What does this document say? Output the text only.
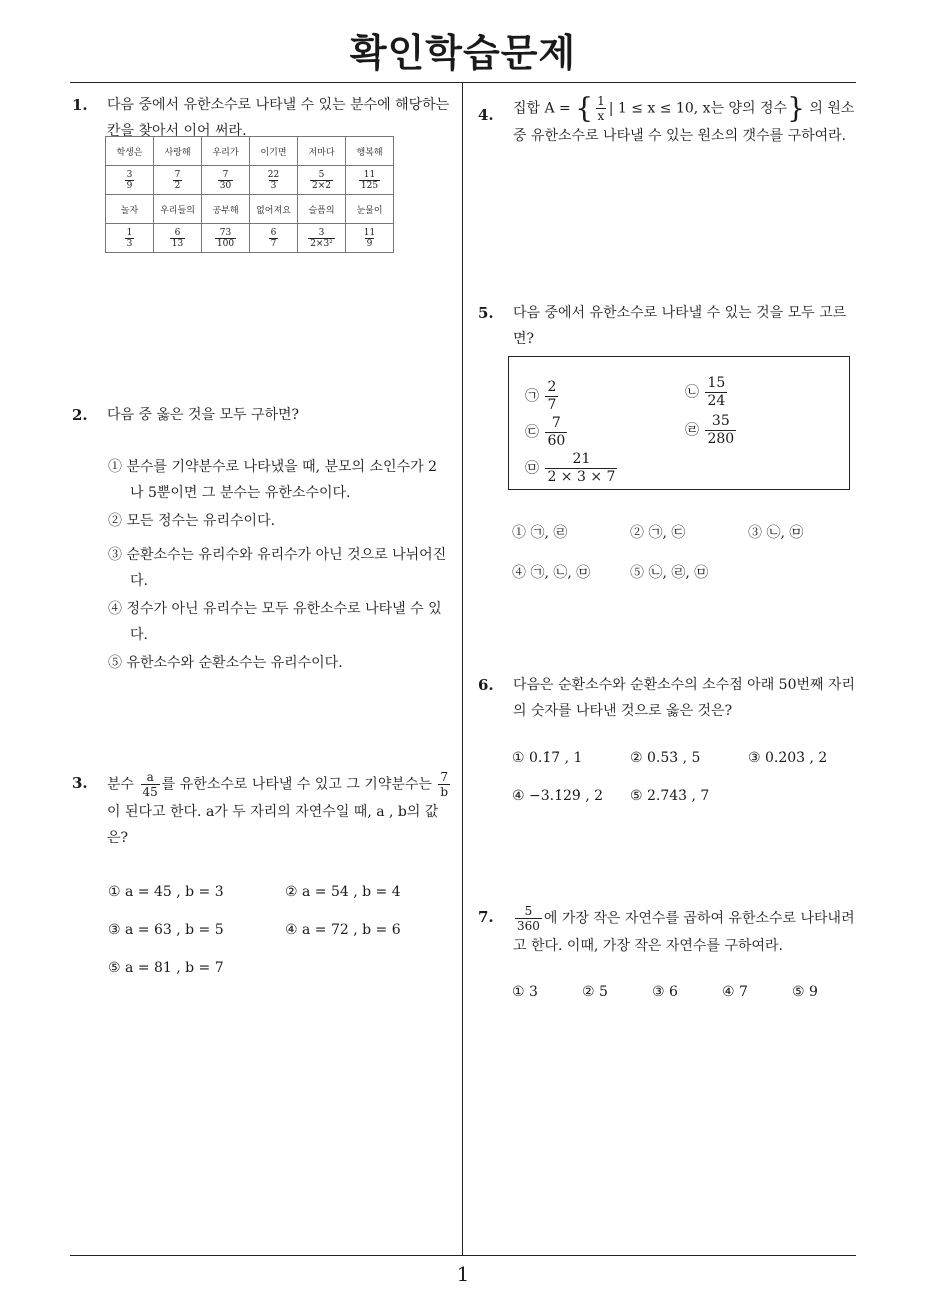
확인학습문제
1. 다음 중에서 유한소수로 나타낼 수 있는 분수에 해당하는 칸을 찾아서 이어 써라.
학생은	사랑해	우리가	이기면	저마다	행복해

$\frac{3}{9}$	$\frac{7}{2}$	$\frac{7}{30}$	$\frac{22}{3}$	$\frac{5}{2\times 2}$	$\frac{11}{125}$

놀자	우리들의	공부해	없어져요	슬픔의	눈물이

$\frac{1}{3}$	$\frac{6}{13}$	$\frac{73}{100}$	$\frac{6}{7}$	$\frac{3}{\text{2×3²}}$	$\frac{11}{9}$
2. 다음 중 옳은 것을 모두 구하면?
① 분수를 기약분수로 나타냈을 때, 분모의 소인수가 2나 5뿐이면 그 분수는 유한소수이다.
② 모든 정수는 유리수이다.
③ 순환소수는 유리수와 유리수가 아닌 것으로 나뉘어진다.
④ 정수가 아닌 유리수는 모두 유한소수로 나타낼 수 있다.
⑤ 유한소수와 순환소수는 유리수이다.
3. 분수 $\frac{a}{45}$ 를 유한소수로 나타낼 수 있고 그 기약분수는 $\frac{7}{b}$
이 된다고 한다. a가 두 자리의 자연수일 때, a , b의 값은?
① a = 45 , b = 3	② a = 54 , b = 4
③ a = 63 , b = 5	④ a = 72 , b = 6
⑤ a = 81 , b = 7
4. 집합 A = { $\frac{1}{x}$ | 1 ≤ x ≤ 10, x는 양의 정수} 의 원소 중 유한소수로 나타낼 수 있는 원소의 갯수를 구하여라.
5. 다음 중에서 유한소수로 나타낼 수 있는 것을 모두 고르면?
㉠ $\frac{2}{7}$	㉡ $\frac{15}{24}$
㉢ $\frac{7}{60}$	㉣ $\frac{35}{280}$
㉤ $\frac{21}{2 \times 3 \times 7}$
① ㉠, ㉣	② ㉠, ㉢	③ ㉡, ㉤
④ ㉠, ㉡, ㉤	⑤ ㉡, ㉣, ㉤
6. 다음은 순환소수와 순환소수의 소수점 아래 50번째 자리의 숫자를 나타낸 것으로 옳은 것은?
① 0.1̇7̇ , 1	② 0.5̇3̇ , 5	③ 0.2̇03̇ , 2
④ −3.1̇29̇ , 2 ⑤ 2.7̇43̇ , 7
7. $\frac{5}{360}$ 에 가장 작은 자연수를 곱하여 유한소수로 나타내려고 한다. 이때, 가장 작은 자연수를 구하여라.
① 3	② 5	③ 6	④ 7	⑤ 9
1
